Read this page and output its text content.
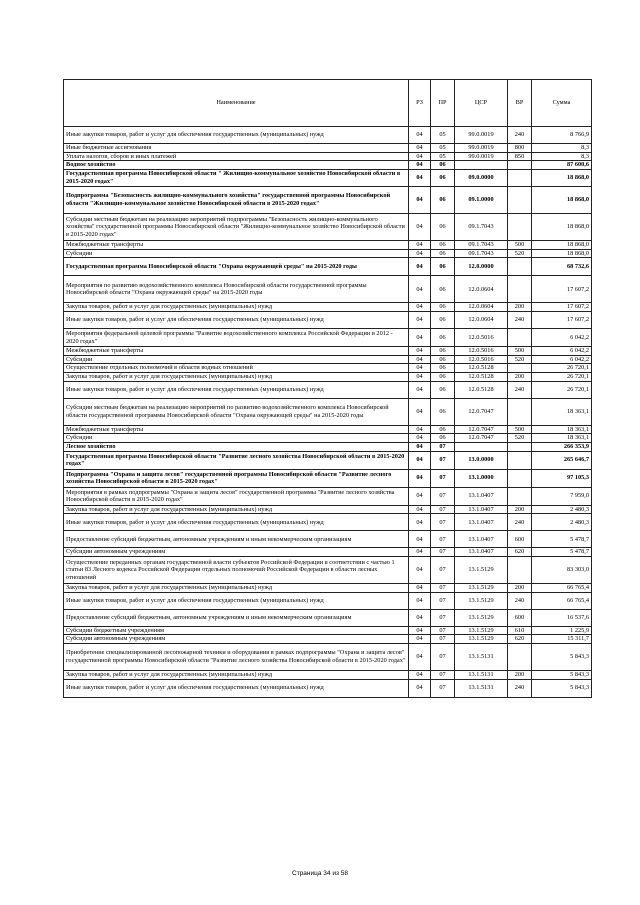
Наименование	РЗ	ПР	ЦСР	ВР	Сумма
Иные закупки товаров, работ и услуг для обеспечения государственных (муниципальных) нужд	04	05	99.0.0019	240	8 766,9
Иные бюджетные ассигнования	04	05	99.0.0019	800	8,3
Уплата налогов, сборов и иных платежей	04	05	99.0.0019	850	8,3
Водное хозяйство	04	06			87 600,6
Государственная программа Новосибирской области " Жилищно-коммунальное хозяйство Новосибирской области в 2015-2020 годах"	04	06	09.0.0000		18 868,0
Подпрограмма "Безопасность жилищно-коммунального хозяйства" государственной программы Новосибирской области "Жилищно-коммунальное хозяйство Новосибирской области в 2015-2020 годах"	04	06	09.1.0000		18 868,0
Субсидии местным бюджетам на реализацию мероприятий подпрограммы "Безопасность жилищно-коммунального хозяйства" государственной программы Новосибирской области "Жилищно-коммунальное хозяйство Новосибирской области в 2015-2020 годах"	04	06	09.1.7043		18 868,0
Межбюджетные трансферты	04	06	09.1.7043	500	18 868,0
Субсидии	04	06	09.1.7043	520	18 868,0
Государственная программа Новосибирской области "Охрана окружающей среды" на 2015-2020 годы	04	06	12.0.0000		68 732,6
Мероприятия по развитию водохозяйственного комплекса Новосибирской области государственной программы Новосибирской области "Охрана окружающей среды" на 2015-2020 годы	04	06	12.0.0604		17 607,2
Закупка товаров, работ и услуг для государственных (муниципальных) нужд	04	06	12.0.0604	200	17 607,2
Иные закупки товаров, работ и услуг для обеспечения государственных (муниципальных) нужд	04	06	12.0.0604	240	17 607,2
Мероприятия федеральной целевой программы "Развитие водохозяйственного комплекса Российской Федерации в 2012 - 2020 годах"	04	06	12.0.5016		6 042,2
Межбюджетные трансферты	04	06	12.0.5016	500	6 042,2
Субсидии	04	06	12.0.5016	520	6 042,2
Осуществление отдельных полномочий в области водных отношений	04	06	12.0.5128		26 720,1
Закупка товаров, работ и услуг для государственных (муниципальных) нужд	04	06	12.0.5128	200	26 720,1
Иные закупки товаров, работ и услуг для обеспечения государственных (муниципальных) нужд	04	06	12.0.5128	240	26 720,1
Субсидии местным бюджетам на реализацию мероприятий по развитию водохозяйственного комплекса Новосибирской области государственной программы Новосибирской области "Охрана окружающей среды" на 2015-2020 годы	04	06	12.0.7047		18 363,1
Межбюджетные трансферты	04	06	12.0.7047	500	18 363,1
Субсидии	04	06	12.0.7047	520	18 363,1
Лесное хозяйство	04	07			266 353,9
Государственная программа Новосибирской области "Развитие лесного хозяйства Новосибирской области в 2015-2020 годах"	04	07	13.0.0000		265 646,7
Подпрограмма "Охрана и защита лесов" государственной программы Новосибирской области "Развитие лесного хозяйства Новосибирской области в 2015-2020 годах"	04	07	13.1.0000		97 105,3
Мероприятия в рамках подпрограммы "Охрана и защита лесов" государственной программы "Развитие лесного хозяйства Новосибирской области в 2015-2020 годах"	04	07	13.1.0407		7 959,0
Закупка товаров, работ и услуг для государственных (муниципальных) нужд	04	07	13.1.0407	200	2 480,3
Иные закупки товаров, работ и услуг для обеспечения государственных (муниципальных) нужд	04	07	13.1.0407	240	2 480,3
Предоставление субсидий бюджетным, автономным учреждениям и иным некоммерческим организациям	04	07	13.1.0407	600	5 478,7
Субсидии автономным учреждениям	04	07	13.1.0407	620	5 478,7
Осуществление переданных органам государственной власти субъектов Российской Федерации в соответствии с частью 1 статьи 83 Лесного кодекса Российской Федерации отдельных полномочий Российской Федерации в области лесных отношений	04	07	13.1.5129		83 303,0
Закупка товаров, работ и услуг для государственных (муниципальных) нужд	04	07	13.1.5129	200	66 765,4
Иные закупки товаров, работ и услуг для обеспечения государственных (муниципальных) нужд	04	07	13.1.5129	240	66 765,4
Предоставление субсидий бюджетным, автономным учреждениям и иным некоммерческим организациям	04	07	13.1.5129	600	16 537,6
Субсидии бюджетным учреждениям	04	07	13.1.5129	610	1 225,9
Субсидии автономным учреждениям	04	07	13.1.5129	620	15 311,7
Приобретение специализированной лесопожарной техники и оборудования в рамках подпрограммы "Охрана и защита лесов" государственной программы Новосибирской области "Развитие лесного хозяйства Новосибирской области в 2015-2020 годах"	04	07	13.1.5131		5 843,3
Закупка товаров, работ и услуг для государственных (муниципальных) нужд	04	07	13.1.5131	200	5 843,3
Иные закупки товаров, работ и услуг для обеспечения государственных (муниципальных) нужд	04	07	13.1.5131	240	5 843,3
Страница 34 из 58
